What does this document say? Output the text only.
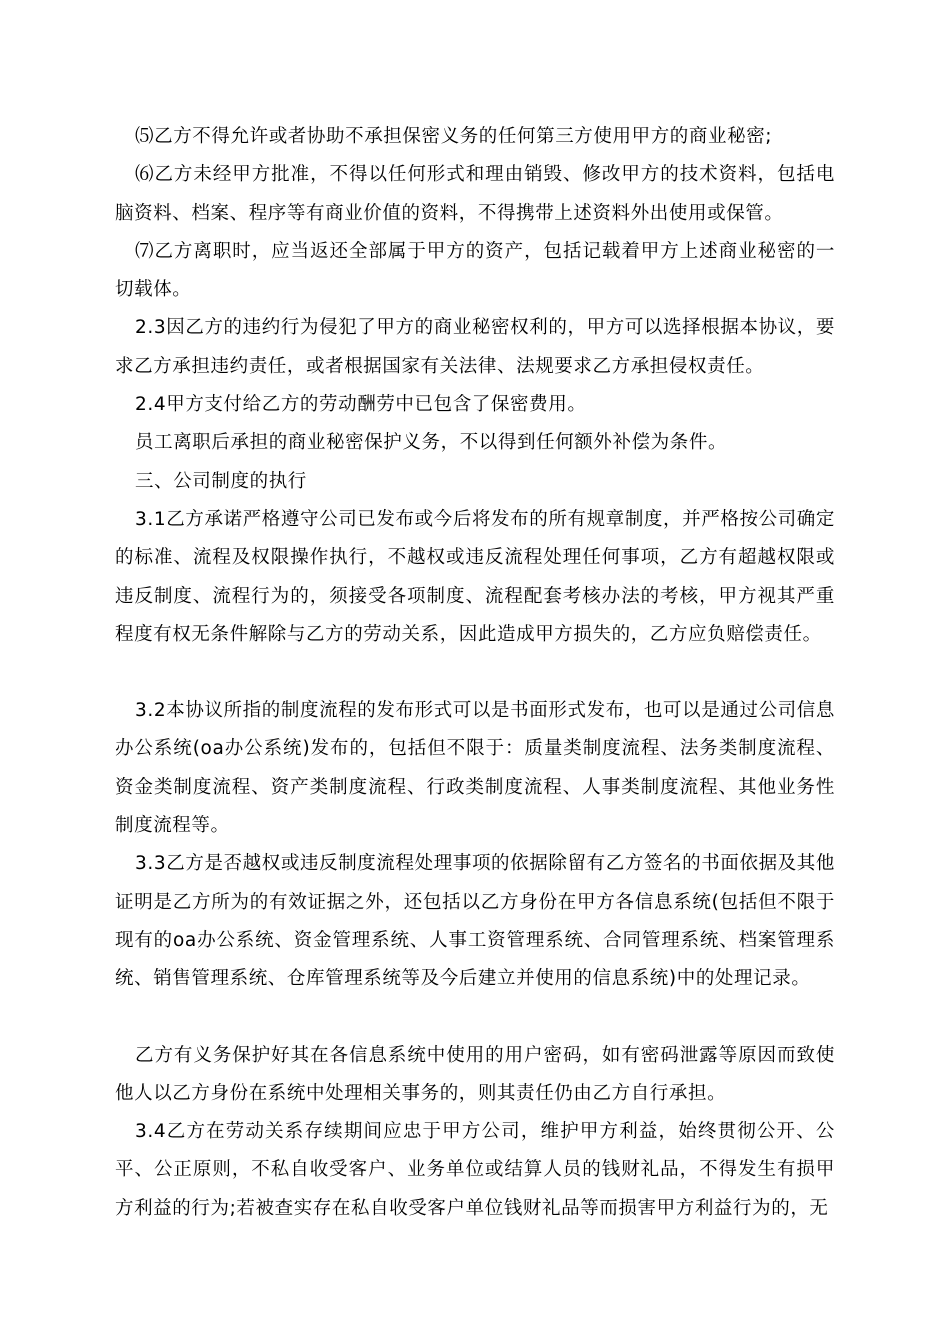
⑸乙方不得允许或者协助不承担保密义务的任何第三方使用甲方的商业秘密;

⑹乙方未经甲方批准，不得以任何形式和理由销毁、修改甲方的技术资料，包括电脑资料、档案、程序等有商业价值的资料，不得携带上述资料外出使用或保管。

⑺乙方离职时，应当返还全部属于甲方的资产，包括记载着甲方上述商业秘密的一切载体。

2.3因乙方的违约行为侵犯了甲方的商业秘密权利的，甲方可以选择根据本协议，要求乙方承担违约责任，或者根据国家有关法律、法规要求乙方承担侵权责任。

2.4甲方支付给乙方的劳动酬劳中已包含了保密费用。

员工离职后承担的商业秘密保护义务，不以得到任何额外补偿为条件。

三、公司制度的执行

3.1乙方承诺严格遵守公司已发布或今后将发布的所有规章制度，并严格按公司确定的标准、流程及权限操作执行，不越权或违反流程处理任何事项，乙方有超越权限或违反制度、流程行为的，须接受各项制度、流程配套考核办法的考核，甲方视其严重程度有权无条件解除与乙方的劳动关系，因此造成甲方损失的，乙方应负赔偿责任。

3.2本协议所指的制度流程的发布形式可以是书面形式发布，也可以是通过公司信息办公系统(oa办公系统)发布的，包括但不限于：质量类制度流程、法务类制度流程、资金类制度流程、资产类制度流程、行政类制度流程、人事类制度流程、其他业务性制度流程等。

3.3乙方是否越权或违反制度流程处理事项的依据除留有乙方签名的书面依据及其他证明是乙方所为的有效证据之外，还包括以乙方身份在甲方各信息系统(包括但不限于现有的oa办公系统、资金管理系统、人事工资管理系统、合同管理系统、档案管理系统、销售管理系统、仓库管理系统等及今后建立并使用的信息系统)中的处理记录。

乙方有义务保护好其在各信息系统中使用的用户密码，如有密码泄露等原因而致使他人以乙方身份在系统中处理相关事务的，则其责任仍由乙方自行承担。

3.4乙方在劳动关系存续期间应忠于甲方公司，维护甲方利益，始终贯彻公开、公平、公正原则，不私自收受客户、业务单位或结算人员的钱财礼品，不得发生有损甲方利益的行为;若被查实存在私自收受客户单位钱财礼品等而损害甲方利益行为的，无
